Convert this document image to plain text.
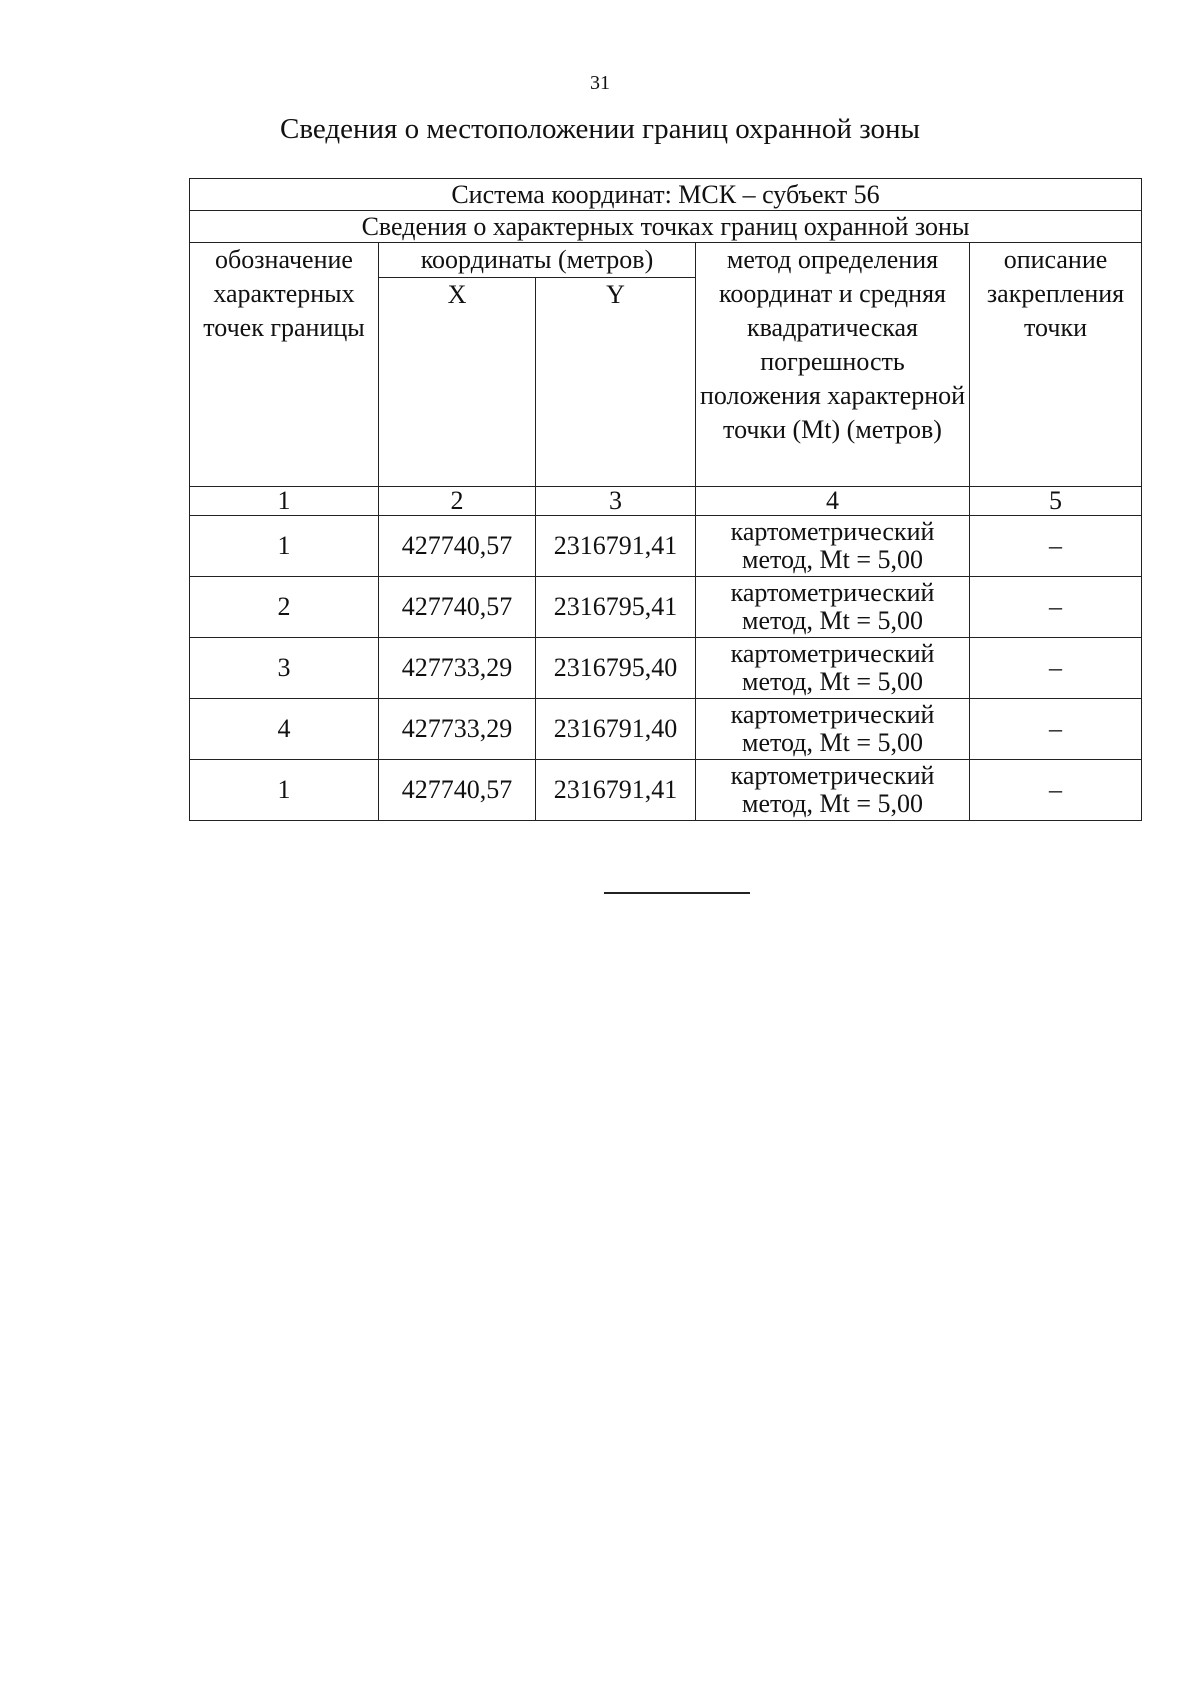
31
Сведения о местоположении границ охранной зоны
Система координат: МСК – субъект 56				
Сведения о характерных точках границ охранной зоны				
обозначение характерных точек границы	координаты (метров)		метод определения координат и средняя квадратическая погрешность положения характерной точки (Mt) (метров)	описание закрепления точки
	X	Y		
1	2	3	4	5
1	427740,57	2316791,41	картометрический метод, Mt = 5,00	–
2	427740,57	2316795,41	картометрический метод, Mt = 5,00	–
3	427733,29	2316795,40	картометрический метод, Mt = 5,00	–
4	427733,29	2316791,40	картометрический метод, Mt = 5,00	–
1	427740,57	2316791,41	картометрический метод, Mt = 5,00	–
